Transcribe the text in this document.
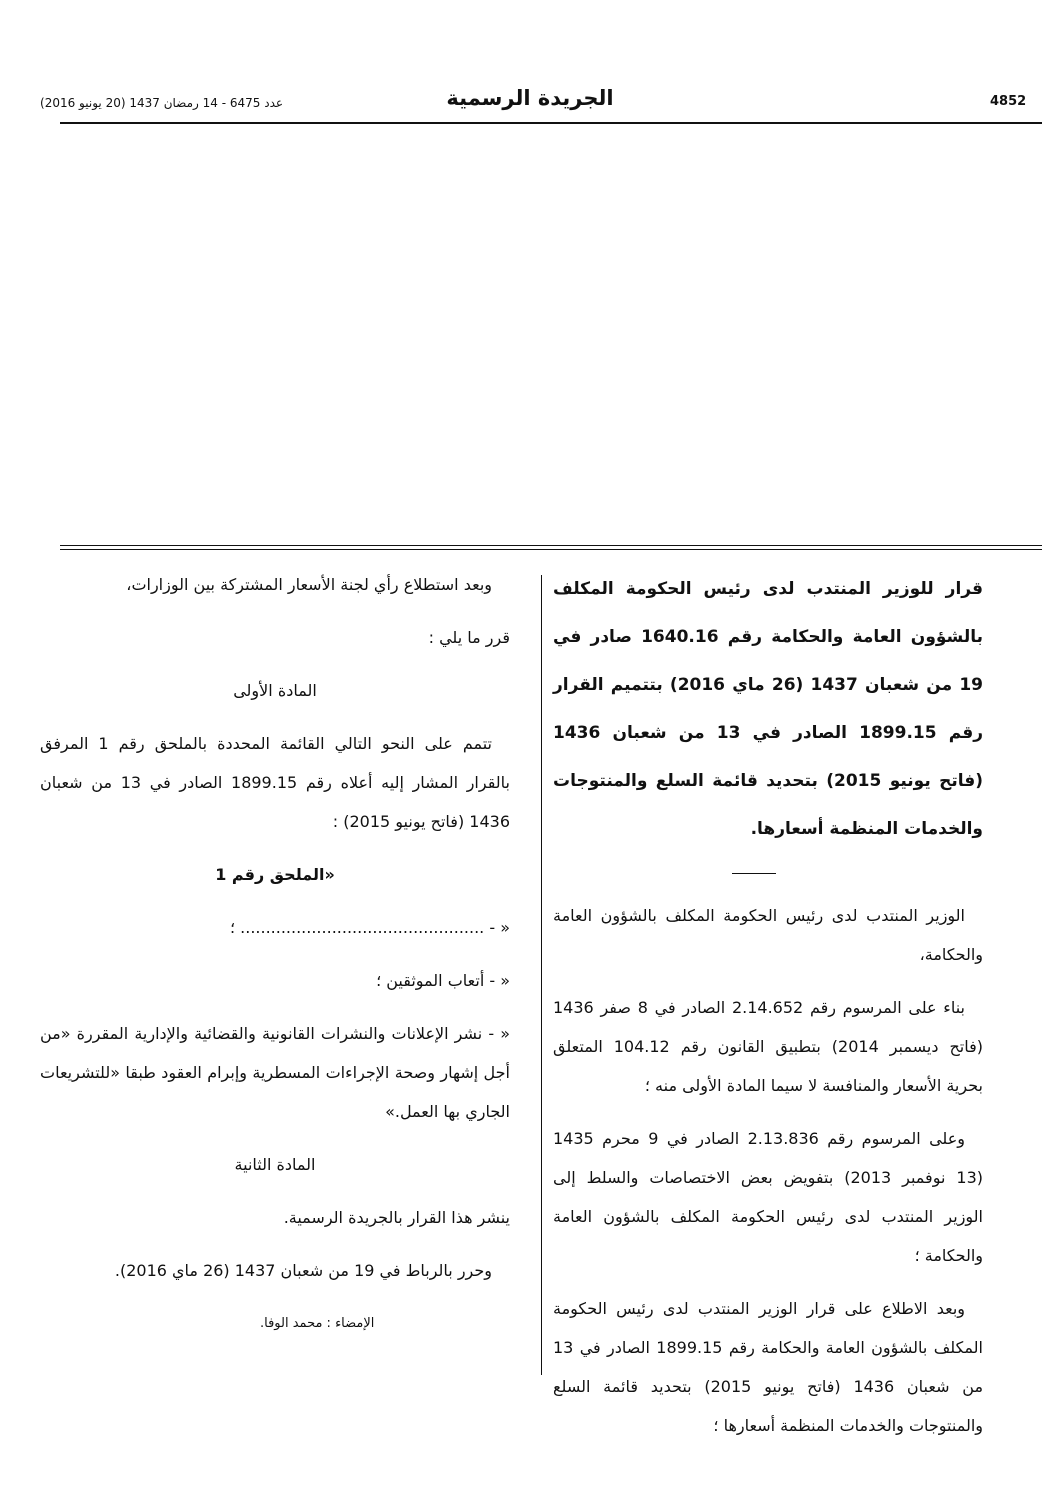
4852
الجريدة الرسمية
عدد 6475 - 14 رمضان 1437 (20 يونيو 2016)
قرار للوزير المنتدب لدى رئيس الحكومة المكلف بالشؤون العامة والحكامة رقم 1640.16 صادر في 19 من شعبان 1437 (26 ماي 2016) بتتميم القرار رقم 1899.15 الصادر في 13 من شعبان 1436 (فاتح يونيو 2015) بتحديد قائمة السلع والمنتوجات والخدمات المنظمة أسعارها.

الوزير المنتدب لدى رئيس الحكومة المكلف بالشؤون العامة والحكامة،

بناء على المرسوم رقم 2.14.652 الصادر في 8 صفر 1436 (فاتح ديسمبر 2014) بتطبيق القانون رقم 104.12 المتعلق بحرية الأسعار والمنافسة لا سيما المادة الأولى منه ؛

وعلى المرسوم رقم 2.13.836 الصادر في 9 محرم 1435 (13 نوفمبر 2013) بتفويض بعض الاختصاصات والسلط إلى الوزير المنتدب لدى رئيس الحكومة المكلف بالشؤون العامة والحكامة ؛

وبعد الاطلاع على قرار الوزير المنتدب لدى رئيس الحكومة المكلف بالشؤون العامة والحكامة رقم 1899.15 الصادر في 13 من شعبان 1436 (فاتح يونيو 2015) بتحديد قائمة السلع والمنتوجات والخدمات المنظمة أسعارها ؛

وبعد استطلاع رأي لجنة الأسعار المشتركة بين الوزارات،

قرر ما يلي :

المادة الأولى

تتمم على النحو التالي القائمة المحددة بالملحق رقم 1 المرفق بالقرار المشار إليه أعلاه رقم 1899.15 الصادر في 13 من شعبان 1436 (فاتح يونيو 2015) :

«الملحق رقم 1

« - ................................................ ؛

« - أتعاب الموثقين ؛

« - نشر الإعلانات والنشرات القانونية والقضائية والإدارية المقررة «من أجل إشهار وصحة الإجراءات المسطرية وإبرام العقود طبقا «للتشريعات الجاري بها العمل.»

المادة الثانية

ينشر هذا القرار بالجريدة الرسمية.

وحرر بالرباط في 19 من شعبان 1437 (26 ماي 2016).

الإمضاء : محمد الوفا.
